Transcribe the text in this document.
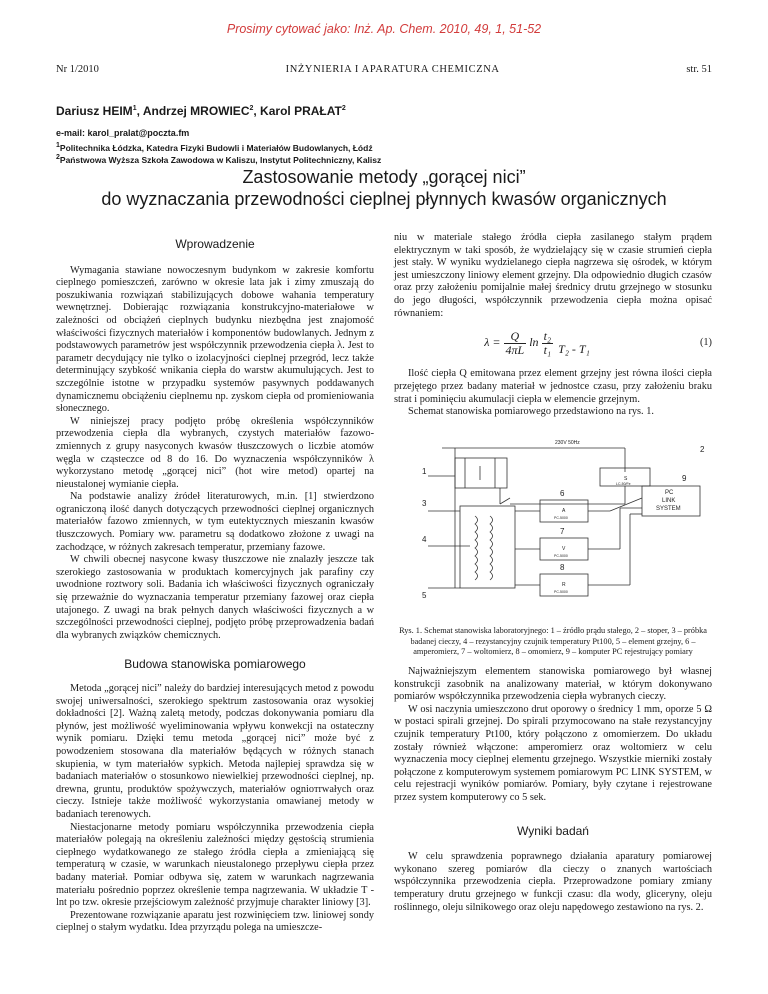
Prosimy cytować jako: Inż. Ap. Chem. 2010, 49, 1, 51-52
Nr 1/2010	INŻYNIERIA I APARATURA CHEMICZNA	str. 51
Dariusz HEIM$^1$, Andrzej MROWIEC$^2$, Karol PRAŁAT$^2$
e-mail: karol_pralat@poczta.fm
$^1$Politechnika Łódzka, Katedra Fizyki Budowli i Materiałów Budowlanych, Łódź
$^2$Państwowa Wyższa Szkoła Zawodowa w Kaliszu, Instytut Politechniczny, Kalisz
Zastosowanie metody „gorącej nici”
do wyznaczania przewodności cieplnej płynnych kwasów organicznych
Wprowadzenie

Wymagania stawiane nowoczesnym budynkom w zakresie komfortu cieplnego pomieszczeń, zarówno w okresie lata jak i zimy zmuszają do poszukiwania rozwiązań stabilizujących dobowe wahania temperatury wewnętrznej. Dobierając rozwiązania konstrukcyjno-materiałowe w zależności od obciążeń cieplnych budynku niezbędna jest znajomość właściwości fizycznych materiałów i komponentów budowlanych. Jednym z podstawowych parametrów jest współczynnik przewodzenia ciepła λ. Jest to parametr decydujący nie tylko o izolacyjności cieplnej przegród, lecz także determinujący szybkość wnikania ciepła do warstw akumulujących. Jest to szczególnie istotne w przypadku systemów pasywnych poddawanych dynamicznemu obciążeniu cieplnemu np. zyskom ciepła od promieniowania słonecznego.

W niniejszej pracy podjęto próbę określenia współczynników przewodzenia ciepła dla wybranych, czystych materiałów fazowo-zmiennych z grupy nasyconych kwasów tłuszczowych o liczbie atomów węgla w cząsteczce od 8 do 16. Do wyznaczenia współczynników λ wykorzystano metodę „gorącej nici” (hot wire metod) opartej na nieustalonej wymianie ciepła.

Na podstawie analizy źródeł literaturowych, m.in. [1] stwierdzono ograniczoną ilość danych dotyczących przewodności cieplnej organicznych materiałów fazowo zmiennych, w tym eutektycznych mieszanin kwasów tłuszczowych. Pomiary ww. parametru są dodatkowo złożone z uwagi na zachodzące, w różnych zakresach temperatur, przemiany fazowe.

W chwili obecnej nasycone kwasy tłuszczowe nie znalazły jeszcze tak szerokiego zastosowania w produktach komercyjnych jak parafiny czy uwodnione roztwory soli. Badania ich właściwości fizycznych ograniczały się przeważnie do wyznaczania temperatur przemiany fazowej oraz ciepła utajonego. Z uwagi na brak pełnych danych właściwości fizycznych a w szczególności przewodności cieplnej, podjęto próbę przeprowadzenia badań dla wybranych związków chemicznych.

Budowa stanowiska pomiarowego

Metoda „gorącej nici” należy do bardziej interesujących metod z powodu swojej uniwersalności, szerokiego spektrum zastosowania oraz wysokiej dokładności [2]. Ważną zaletą metody, podczas dokonywania pomiaru dla płynów, jest możliwość wyeliminowania wpływu konwekcji na ostateczny wynik pomiaru. Dzięki temu metoda „gorącej nici” może być z powodzeniem stosowana dla materiałów będących w różnych stanach skupienia, w tym materiałów sypkich. Metoda najlepiej sprawdza się w badaniach materiałów o stosunkowo niewielkiej przewodności cieplnej, np. drewna, gruntu, produktów spożywczych, materiałów ognioтrwałych oraz cieczy. Istnieje także możliwość wykorzystania omawianej metody w badaniach terenowych.

Niestacjonarne metody pomiaru współczynnika przewodzenia ciepła materiałów polegają na określeniu zależności między gęstością strumienia ciepłnego wydatkowanego ze stałego źródła ciepła a zmieniającą się temperaturą w czasie, w warunkach nieustalonego przepływu ciepła przez badany materiał. Pomiar odbywa się, zatem w warunkach nagrzewania materiału pośrednio poprzez określenie tempa nagrzewania. W układzie T - lnt po tzw. okresie przejściowym zależność przyjmuje charakter liniowy [3].

Prezentowane rozwiązanie aparatu jest rozwinięciem tzw. liniowej sondy cieplnej o stałym wydatku. Idea przyrządu polega na umieszcze-

niu w materiale stałego źródła ciepła zasilanego stałym prądem elektrycznym w taki sposób, że wydzielający się w czasie strumień ciepła jest stały. W wyniku wydzielanego ciepła nagrzewa się ośrodek, w którym jest umieszczony liniowy element grzejny. Dla odpowiednio długich czasów oraz przy założeniu pomijalnie małej średnicy drutu grzejnego w stosunku do jego długości, współczynnik przewodzenia ciepła można opisać równaniem:

$\lambda = \frac{Q}{4\pi L}$ $\ln \frac{\text{t₂}}{\text{t₁}}$

T₂ - T₁	(1)

Ilość ciepła Q emitowana przez element grzejny jest równa ilości ciepła przejętego przez badany materiał w jednostce czasu, przy założeniu braku strat i pominięciu akumulacji ciepła w elemencie grzejnym.

Schemat stanowiska pomiarowego przedstawiono na rys. 1.

230V 50Hz
1
2
3
4
5
6
7
8
9
S
LC-50/Fe
A
PC-5000
V
PC-5000
R
PC-5000
PC
LINK
SYSTEM
Rys. 1. Schemat stanowiska laboratoryjnego: 1 – źródło prądu stałego, 2 – stoper, 3 – próbka badanej cieczy, 4 – rezystancyjny czujnik temperatury Pt100, 5 – element grzejny, 6 – amperomierz, 7 – woltomierz, 8 – omomierz, 9 – komputer PC rejestrujący pomiary

Najważniejszym elementem stanowiska pomiarowego był własnej konstrukcji zasobnik na analizowany materiał, w którym dokonywano pomiarów współczynnika przewodzenia ciepła wybranych cieczy.

W osi naczynia umieszczono drut oporowy o średnicy 1 mm, oporze 5 Ω w postaci spirali grzejnej. Do spirali przymocowano na stałe rezystancyjny czujnik temperatury Pt100, który połączono z omomierzem. Do układu zostały również włączone: amperomierz oraz woltomierz w celu wyznaczenia mocy cieplnej elementu grzejnego. Wszystkie mierniki zostały połączone z komputerowym systemem pomiarowym PC LINK SYSTEM, w celu rejestracji wyników pomiarów. Pomiary, były czytane i rejestrowane przez system komputerowy co 5 sek.

Wyniki badań

W celu sprawdzenia poprawnego działania aparatury pomiarowej wykonano szereg pomiarów dla cieczy o znanych wartościach współczynnika przewodzenia ciepła. Przeprowadzone pomiary zmiany temperatury drutu grzejnego w funkcji czasu: dla wody, gliceryny, oleju roślinnego, oleju silnikowego oraz oleju napędowego zestawiono na rys. 2.
